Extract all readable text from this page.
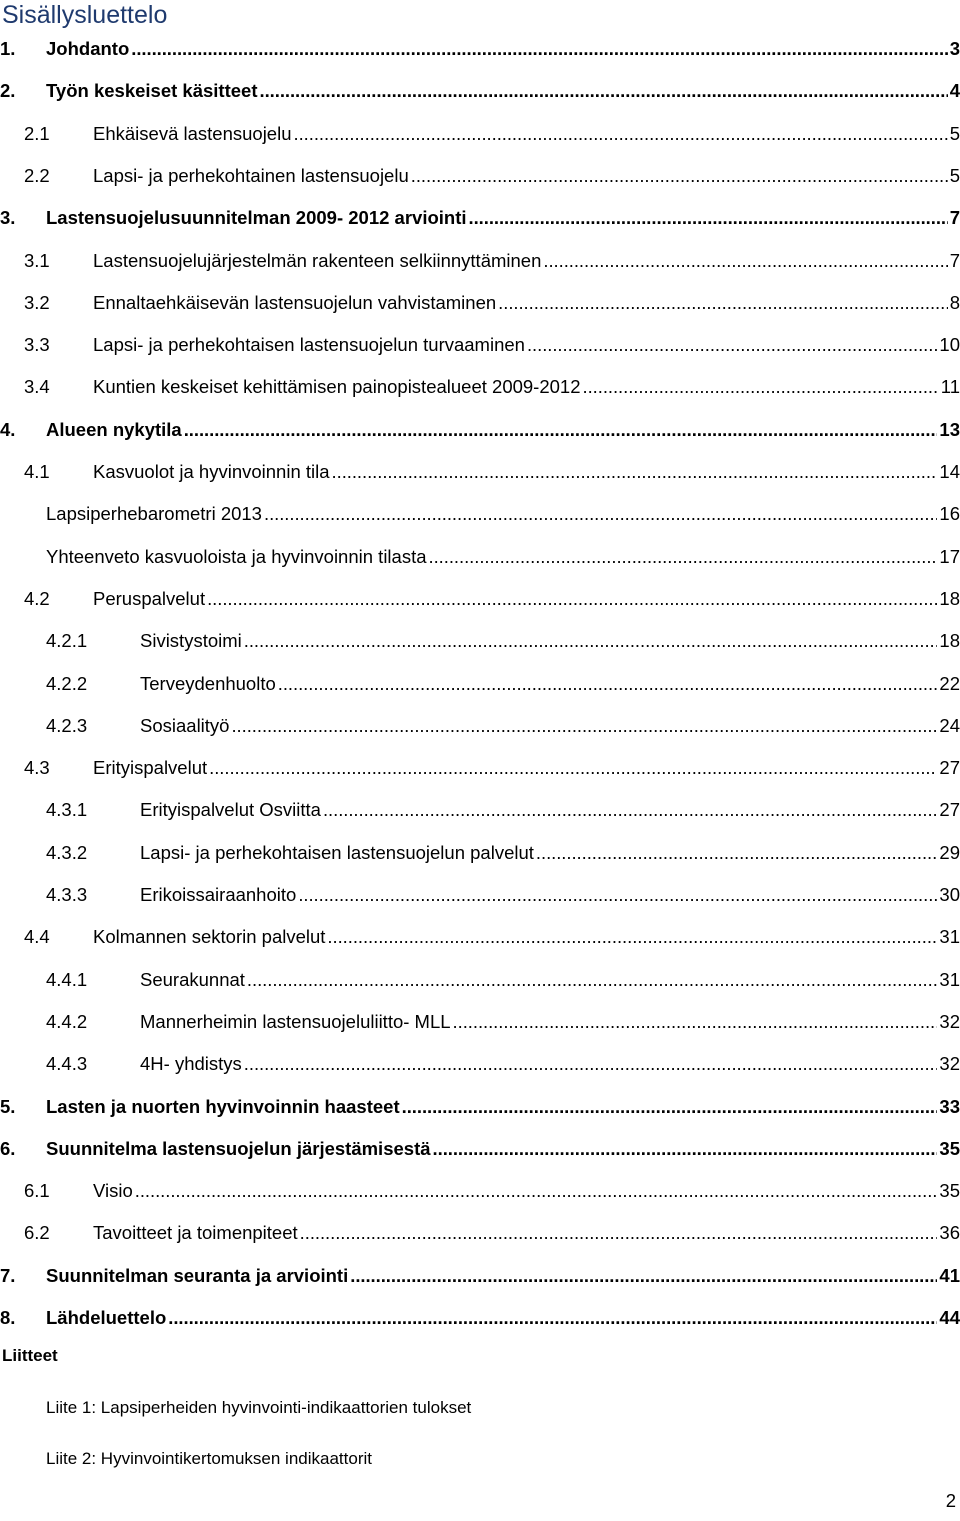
Sisällysluettelo
1. Johdanto . . .	3
2. Työn keskeiset käsitteet . . .	4
2.1 Ehkäisevä lastensuojelu . . .	5
2.2 Lapsi- ja perhekohtainen lastensuojelu . . .	5
3. Lastensuojelusuunnitelman 2009- 2012 arviointi . . .	7
3.1 Lastensuojelujärjestelmän rakenteen selkiinnyttäminen . . .	7
3.2 Ennaltaehkäisevän lastensuojelun vahvistaminen . . .	8
3.3 Lapsi- ja perhekohtaisen lastensuojelun turvaaminen . . .	10
3.4 Kuntien keskeiset kehittämisen painopistealueet 2009-2012 . . .	11
4. Alueen nykytila . . .	13
4.1 Kasvuolot ja hyvinvoinnin tila . . .	14
Lapsiperhebarometri 2013 . . .	16
Yhteenveto kasvuoloista ja hyvinvoinnin tilasta . . .	17
4.2 Peruspalvelut . . .	18
4.2.1	Sivistystoimi . . .	18
4.2.2	Terveydenhuolto . . .	22
4.2.3	Sosiaalityö . . .	24
4.3 Erityispalvelut . . .	27
4.3.1	Erityispalvelut Osviitta . . .	27
4.3.2	Lapsi- ja perhekohtaisen lastensuojelun palvelut . . .	29
4.3.3	Erikoissairaanhoito . . .	30
4.4 Kolmannen sektorin palvelut . . .	31
4.4.1	Seurakunnat . . .	31
4.4.2	Mannerheimin lastensuojeluliitto- MLL . . .	32
4.4.3	4H- yhdistys . . .	32
5. Lasten ja nuorten hyvinvoinnin haasteet . . .	33
6. Suunnitelma lastensuojelun järjestämisestä . . .	35
6.1 Visio . . .	35
6.2 Tavoitteet ja toimenpiteet . . .	36
7. Suunnitelman seuranta ja arviointi . . .	41
8. Lähdeluettelo . . .	44
Liitteet
Liite 1: Lapsiperheiden hyvinvointi-indikaattorien tulokset
Liite 2: Hyvinvointikertomuksen indikaattorit
2
